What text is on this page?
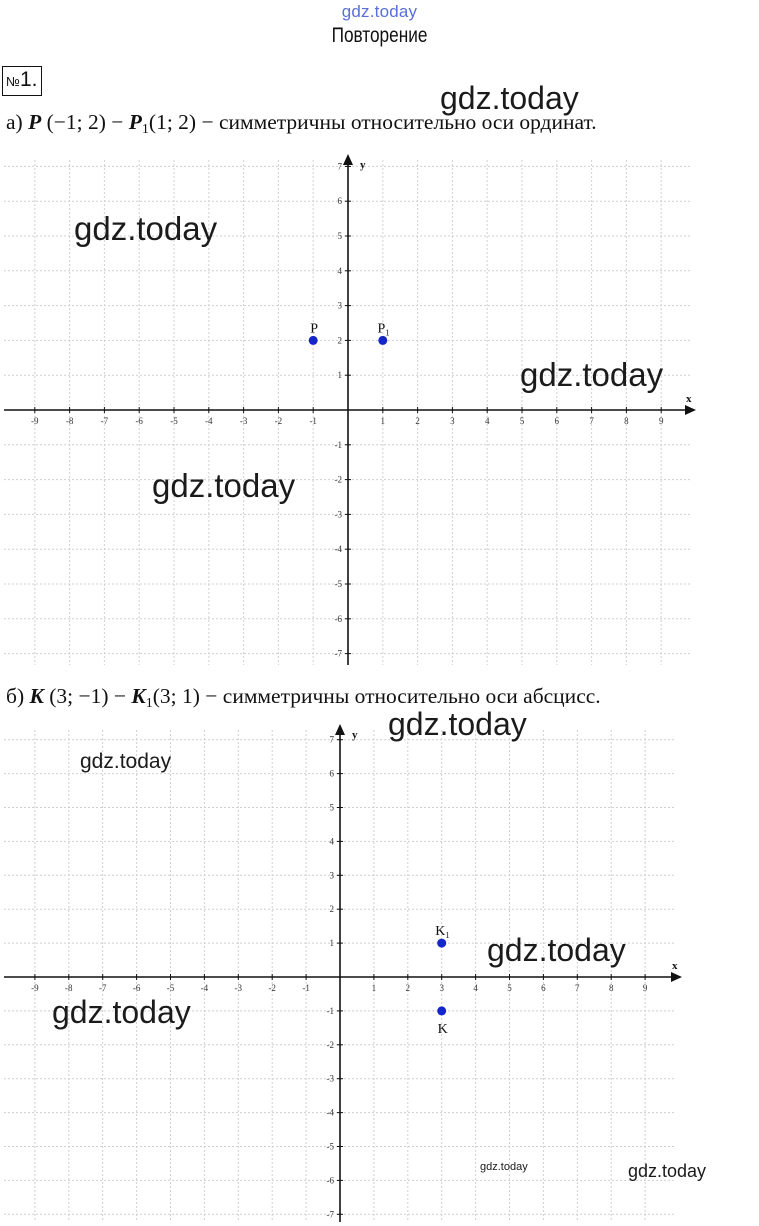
gdz.today
Повторение
№1.
а) P (−1; $2) - P_1(1$; 2) − симметричны относительно оси ординат.
б) K (3; $-1) - K_1(3$; 1) − симметричны относительно оси абсцисс.
x
y
-9	-8	-7	-6	-5	-4	-3	-2	-1	1	2	3	4	5	6	7	8	9
7
6
5
4
3
2
1
-1
-2
-3
-4
-5
-6
-7
P	P₁
x
y
-9	-8	-7	-6	-5	-4	-3	-2	-1	1	2	3	4	5	6	7	8	9
7
6
5
4
3
2
1
-1
-2
-3
-4
-5
-6
-7
K₁
K
gdz.today
gdz.today
gdz.today
gdz.today
gdz.today
gdz.today
gdz.today
gdz.today
gdz.today	gdz.today
